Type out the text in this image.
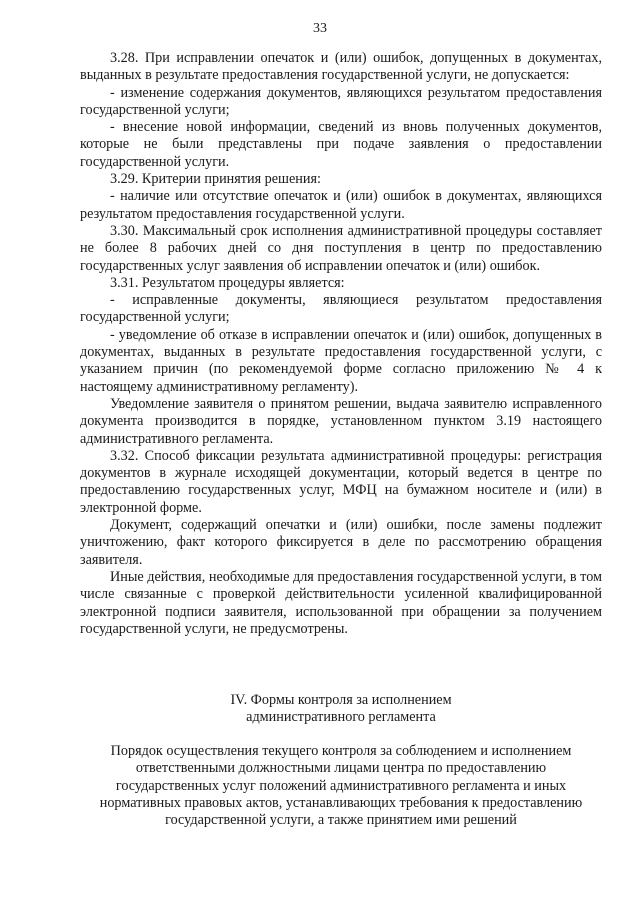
33

3.28. При исправлении опечаток и (или) ошибок, допущенных в документах, выданных в результате предоставления государственной услуги, не допускается:

- изменение содержания документов, являющихся результатом предоставления государственной услуги;

- внесение новой информации, сведений из вновь полученных документов, которые не были представлены при подаче заявления о предоставлении государственной услуги.

3.29. Критерии принятия решения:

- наличие или отсутствие опечаток и (или) ошибок в документах, являющихся результатом предоставления государственной услуги.

3.30. Максимальный срок исполнения административной процедуры составляет не более 8 рабочих дней со дня поступления в центр по предоставлению государственных услуг заявления об исправлении опечаток и (или) ошибок.

3.31. Результатом процедуры является:

- исправленные документы, являющиеся результатом предоставления государственной услуги;

- уведомление об отказе в исправлении опечаток и (или) ошибок, допущенных в документах, выданных в результате предоставления государственной услуги, с указанием причин (по рекомендуемой форме согласно приложению № 4 к настоящему административному регламенту).

Уведомление заявителя о принятом решении, выдача заявителю исправленного документа производится в порядке, установленном пунктом 3.19 настоящего административного регламента.

3.32. Способ фиксации результата административной процедуры: регистрация документов в журнале исходящей документации, который ведется в центре по предоставлению государственных услуг, МФЦ на бумажном носителе и (или) в электронной форме.

Документ, содержащий опечатки и (или) ошибки, после замены подлежит уничтожению, факт которого фиксируется в деле по рассмотрению обращения заявителя.

Иные действия, необходимые для предоставления государственной услуги, в том числе связанные с проверкой действительности усиленной квалифицированной электронной подписи заявителя, использованной при обращении за получением государственной услуги, не предусмотрены.

IV. Формы контроля за исполнением
административного регламента
Порядок осуществления текущего контроля за соблюдением и исполнением
ответственными должностными лицами центра по предоставлению
государственных услуг положений административного регламента и иных
нормативных правовых актов, устанавливающих требования к предоставлению
государственной услуги, а также принятием ими решений
